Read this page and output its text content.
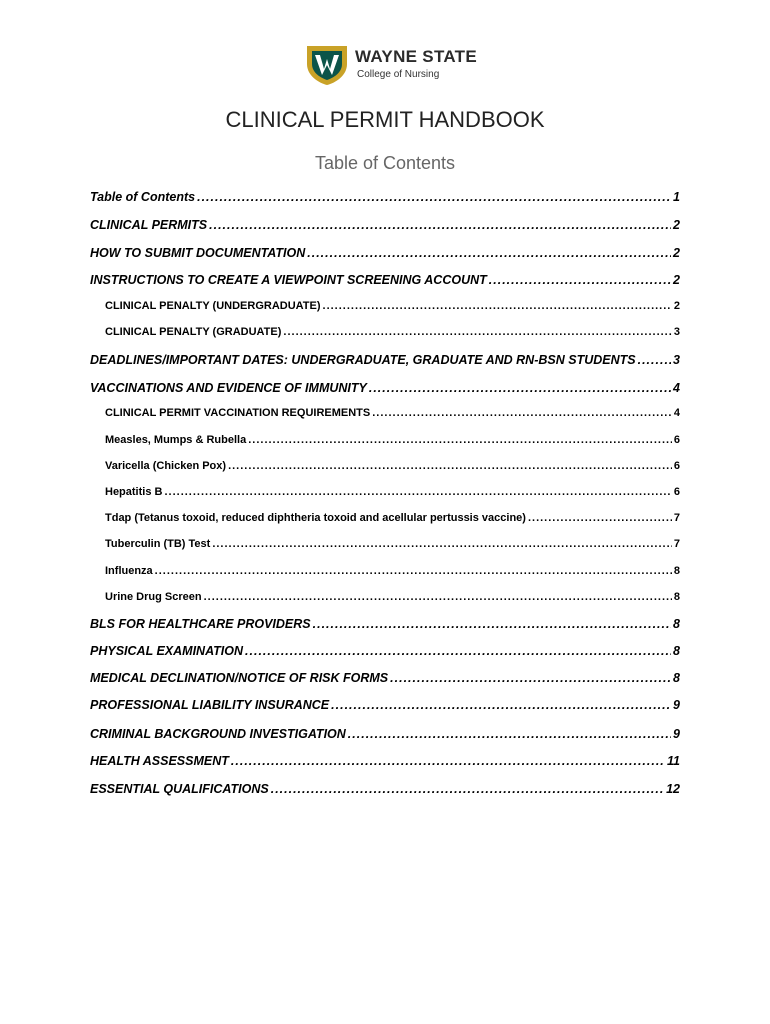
WAYNE STATE
College of Nursing
CLINICAL PERMIT HANDBOOK
Table of Contents
Table of Contents .....	1
CLINICAL PERMITS .....	2
HOW TO SUBMIT DOCUMENTATION .....	2
INSTRUCTIONS TO CREATE A VIEWPOINT SCREENING ACCOUNT .....	2
CLINICAL PENALTY (UNDERGRADUATE) .....	2
CLINICAL PENALTY (GRADUATE) .....	3
DEADLINES/IMPORTANT DATES: UNDERGRADUATE, GRADUATE AND RN-BSN STUDENTS .....	3
VACCINATIONS AND EVIDENCE OF IMMUNITY .....	4
CLINICAL PERMIT VACCINATION REQUIREMENTS .....	4
Measles, Mumps & Rubella .....	6
Varicella (Chicken Pox) .....	6
Hepatitis B .....	6
Tdap (Tetanus toxoid, reduced diphtheria toxoid and acellular pertussis vaccine) .....	7
Tuberculin (TB) Test .....	7
Influenza .....	8
Urine Drug Screen .....	8
BLS FOR HEALTHCARE PROVIDERS .....	8
PHYSICAL EXAMINATION .....	8
MEDICAL DECLINATION/NOTICE OF RISK FORMS .....	8
PROFESSIONAL LIABILITY INSURANCE .....	9
CRIMINAL BACKGROUND INVESTIGATION .....	9
HEALTH ASSESSMENT .....	11
ESSENTIAL QUALIFICATIONS .....	12
